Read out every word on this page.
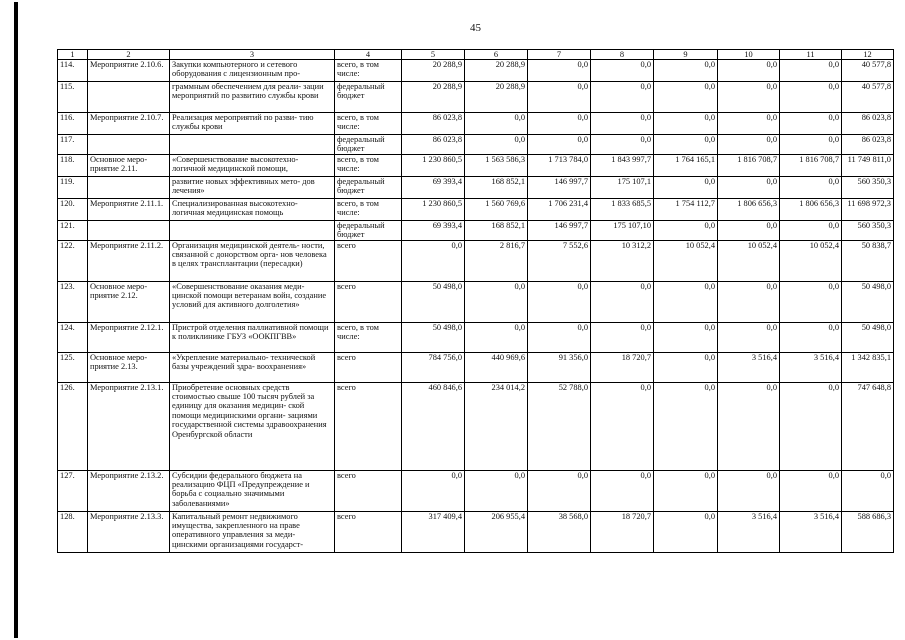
45
1	2	3	4	5	6	7	8	9	10	11	12
114.	Мероприятие 2.10.6.	Закупки компьютерного и сетевого оборудования с лицензионным про-	всего, в том числе:	20 288,9	20 288,9	0,0	0,0	0,0	0,0	0,0	40 577,8
115.		граммным обеспечением для реали- зации мероприятий по развитию службы крови	федеральный бюджет	20 288,9	20 288,9	0,0	0,0	0,0	0,0	0,0	40 577,8
116.	Мероприятие 2.10.7.	Реализация мероприятий по разви- тию службы крови	всего, в том числе:	86 023,8	0,0	0,0	0,0	0,0	0,0	0,0	86 023,8
117.			федеральный бюджет	86 023,8	0,0	0,0	0,0	0,0	0,0	0,0	86 023,8
118.	Основное меро- приятие 2.11.	«Совершенствование высокотехно- логичной медицинской помощи,	всего, в том числе:	1 230 860,5	1 563 586,3	1 713 784,0	1 843 997,7	1 764 165,1	1 816 708,7	1 816 708,7	11 749 811,0
119.		развитие новых эффективных мето- дов лечения»	федеральный бюджет	69 393,4	168 852,1	146 997,7	175 107,1	0,0	0,0	0,0	560 350,3
120.	Мероприятие 2.11.1.	Специализированная высокотехно- логичная медицинская помощь	всего, в том числе:	1 230 860,5	1 560 769,6	1 706 231,4	1 833 685,5	1 754 112,7	1 806 656,3	1 806 656,3	11 698 972,3
121.			федеральный бюджет	69 393,4	168 852,1	146 997,7	175 107,10	0,0	0,0	0,0	560 350,3
122.	Мероприятие 2.11.2.	Организация медицинской деятель- ности, связанной с донорством орга- нов человека в целях трансплантации (пересадки)	всего	0,0	2 816,7	7 552,6	10 312,2	10 052,4	10 052,4	10 052,4	50 838,7
123.	Основное меро- приятие 2.12.	«Совершенствование оказания меди- цинской помощи ветеранам войн, создание условий для активного долголетия»	всего	50 498,0	0,0	0,0	0,0	0,0	0,0	0,0	50 498,0
124.	Мероприятие 2.12.1.	Пристрой отделения паллиативной помощи к поликлинике ГБУЗ «ООКПГВВ»	всего, в том числе:	50 498,0	0,0	0,0	0,0	0,0	0,0	0,0	50 498,0
125.	Основное меро- приятие 2.13.	«Укрепление материально- технической базы учреждений здра- воохранения»	всего	784 756,0	440 969,6	91 356,0	18 720,7	0,0	3 516,4	3 516,4	1 342 835,1
126.	Мероприятие 2.13.1.	Приобретение основных средств стоимостью свыше 100 тысяч рублей за единицу для оказания медицин- ской помощи медицинскими органи- зациями государственной системы здравоохранения Оренбургской области	всего	460 846,6	234 014,2	52 788,0	0,0	0,0	0,0	0,0	747 648,8
127.	Мероприятие 2.13.2.	Субсидии федерального бюджета на реализацию ФЦП «Предупреждение и борьба с социально значимыми заболеваниями»	всего	0,0	0,0	0,0	0,0	0,0	0,0	0,0	0,0
128.	Мероприятие 2.13.3.	Капитальный ремонт недвижимого имущества, закрепленного на праве оперативного управления за меди- цинскими организациями государст-	всего	317 409,4	206 955,4	38 568,0	18 720,7	0,0	3 516,4	3 516,4	588 686,3
